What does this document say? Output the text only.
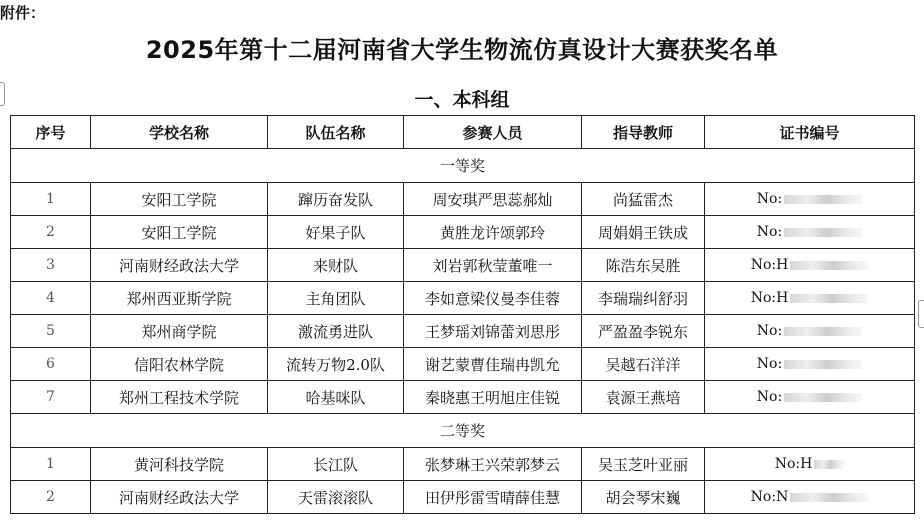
附件：
2025年第十二届河南省大学生物流仿真设计大赛获奖名单
一、本科组
序号	学校名称	队伍名称	参赛人员	指导教师	证书编号
一等奖					
1	安阳工学院	蹿历奋发队	周安琪严思蕊郝灿	尚猛雷杰	No:
2	安阳工学院	好果子队	黄胜龙许颂郭玲	周娟娟王铁成	No:
3	河南财经政法大学	来财队	刘岩郭秋莹董唯一	陈浩东吴胜	No:H
4	郑州西亚斯学院	主角团队	李如意梁仪曼李佳蓉	李瑞瑞纠舒羽	No:H
5	郑州商学院	激流勇进队	王梦瑶刘锦蕾刘思彤	严盈盈李锐东	No:
6	信阳农林学院	流转万物2.0队	谢艺蒙曹佳瑞冉凯允	吴越石洋洋	No:
7	郑州工程技术学院	哈基咪队	秦晓惠王明旭庄佳锐	袁源王燕培	No:
二等奖					
1	黄河科技学院	长江队	张梦琳王兴荣郭梦云	吴玉芝叶亚丽	No:H
2	河南财经政法大学	天雷滚滚队	田伊彤雷雪晴薛佳慧	胡会琴宋巍	No:N
